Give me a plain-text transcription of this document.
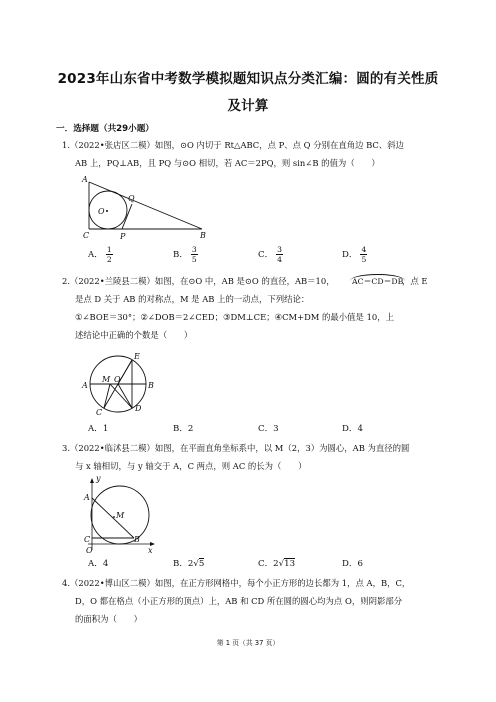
2023年山东省中考数学模拟题知识点分类汇编：圆的有关性质
及计算
一．选择题（共29小题）
1.（2022•张店区二模）如图，⊙O 内切于 Rt△ABC，点 P、点 Q 分别在直角边 BC、斜边
AB 上，PQ⊥AB，且 PQ 与⊙O 相切，若 AC＝2PQ，则 sin∠B 的值为（　　）
A
Q
O
C	P	B
A． $\frac{1}{2}$	B． $\frac{3}{5}$	C． $\frac{3}{4}$	D． $\frac{4}{5}$
2.（2022•兰陵县二模）如图，在⊙O 中，AB 是⊙O 的直径，AB＝10， AC＝CD＝DB
，点 E
是点 D 关于 AB 的对称点，M 是 AB 上的一动点，下列结论：
①∠BOE＝30°；②∠DOB＝2∠CED；③DM⊥CE；④CM+DM 的最小值是 10，上
述结论中正确的个数是（　　）
E
A
M O
B
C	D
A．1	B．2	C．3	D．4
3.（2022•临沭县二模）如图，在平面直角坐标系中，以 M（2，3）为圆心，AB 为直径的圆
与 x 轴相切，与 y 轴交于 A，C 两点，则 AC 的长为（　　）
y
A
M
C
O
B
x
A．4	B．2√5	C．2√13	D．6
4.（2022•博山区二模）如图，在正方形网格中，每个小正方形的边长都为 1，点 A，B，C，
D，O 都在格点（小正方形的顶点）上，AB 和 CD 所在圆的圆心均为点 O，则阴影部分
的面积为（　　）
第 1 页（共 37 页）
